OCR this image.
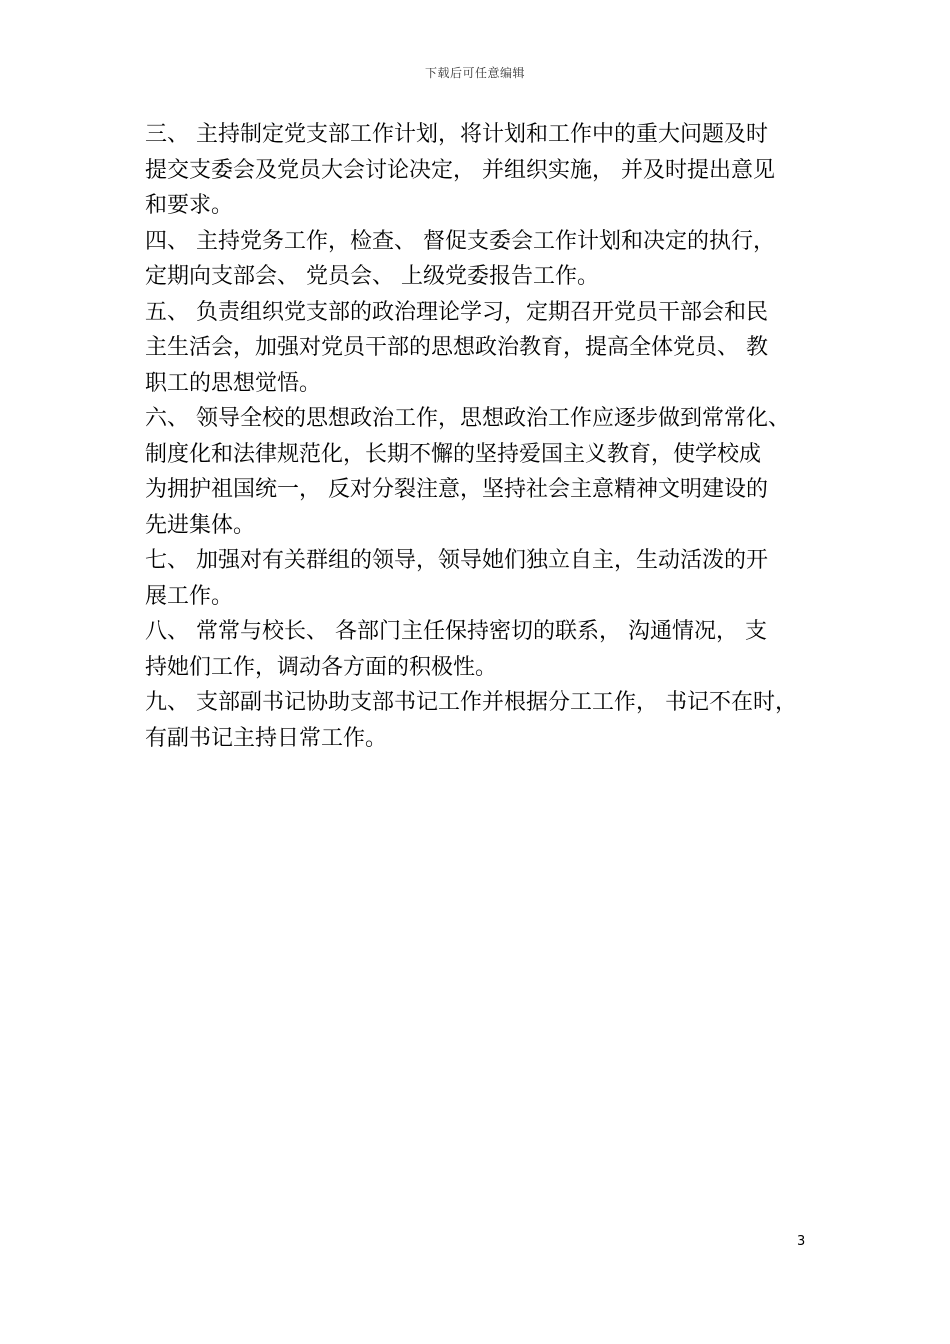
下载后可任意编辑
三、 主持制定党支部工作计划，将计划和工作中的重大问题及时
提交支委会及党员大会讨论决定， 并组织实施， 并及时提出意见
和要求。
四、 主持党务工作，检查、 督促支委会工作计划和决定的执行，
定期向支部会、 党员会、 上级党委报告工作。
五、 负责组织党支部的政治理论学习，定期召开党员干部会和民
主生活会，加强对党员干部的思想政治教育，提高全体党员、 教
职工的思想觉悟。
六、 领导全校的思想政治工作，思想政治工作应逐步做到常常化、
制度化和法律规范化，长期不懈的坚持爱国主义教育，使学校成
为拥护祖国统一， 反对分裂注意，坚持社会主意精神文明建设的
先进集体。
七、 加强对有关群组的领导，领导她们独立自主，生动活泼的开
展工作。
八、 常常与校长、 各部门主任保持密切的联系， 沟通情况， 支
持她们工作，调动各方面的积极性。
九、 支部副书记协助支部书记工作并根据分工工作， 书记不在时，
有副书记主持日常工作。
3
